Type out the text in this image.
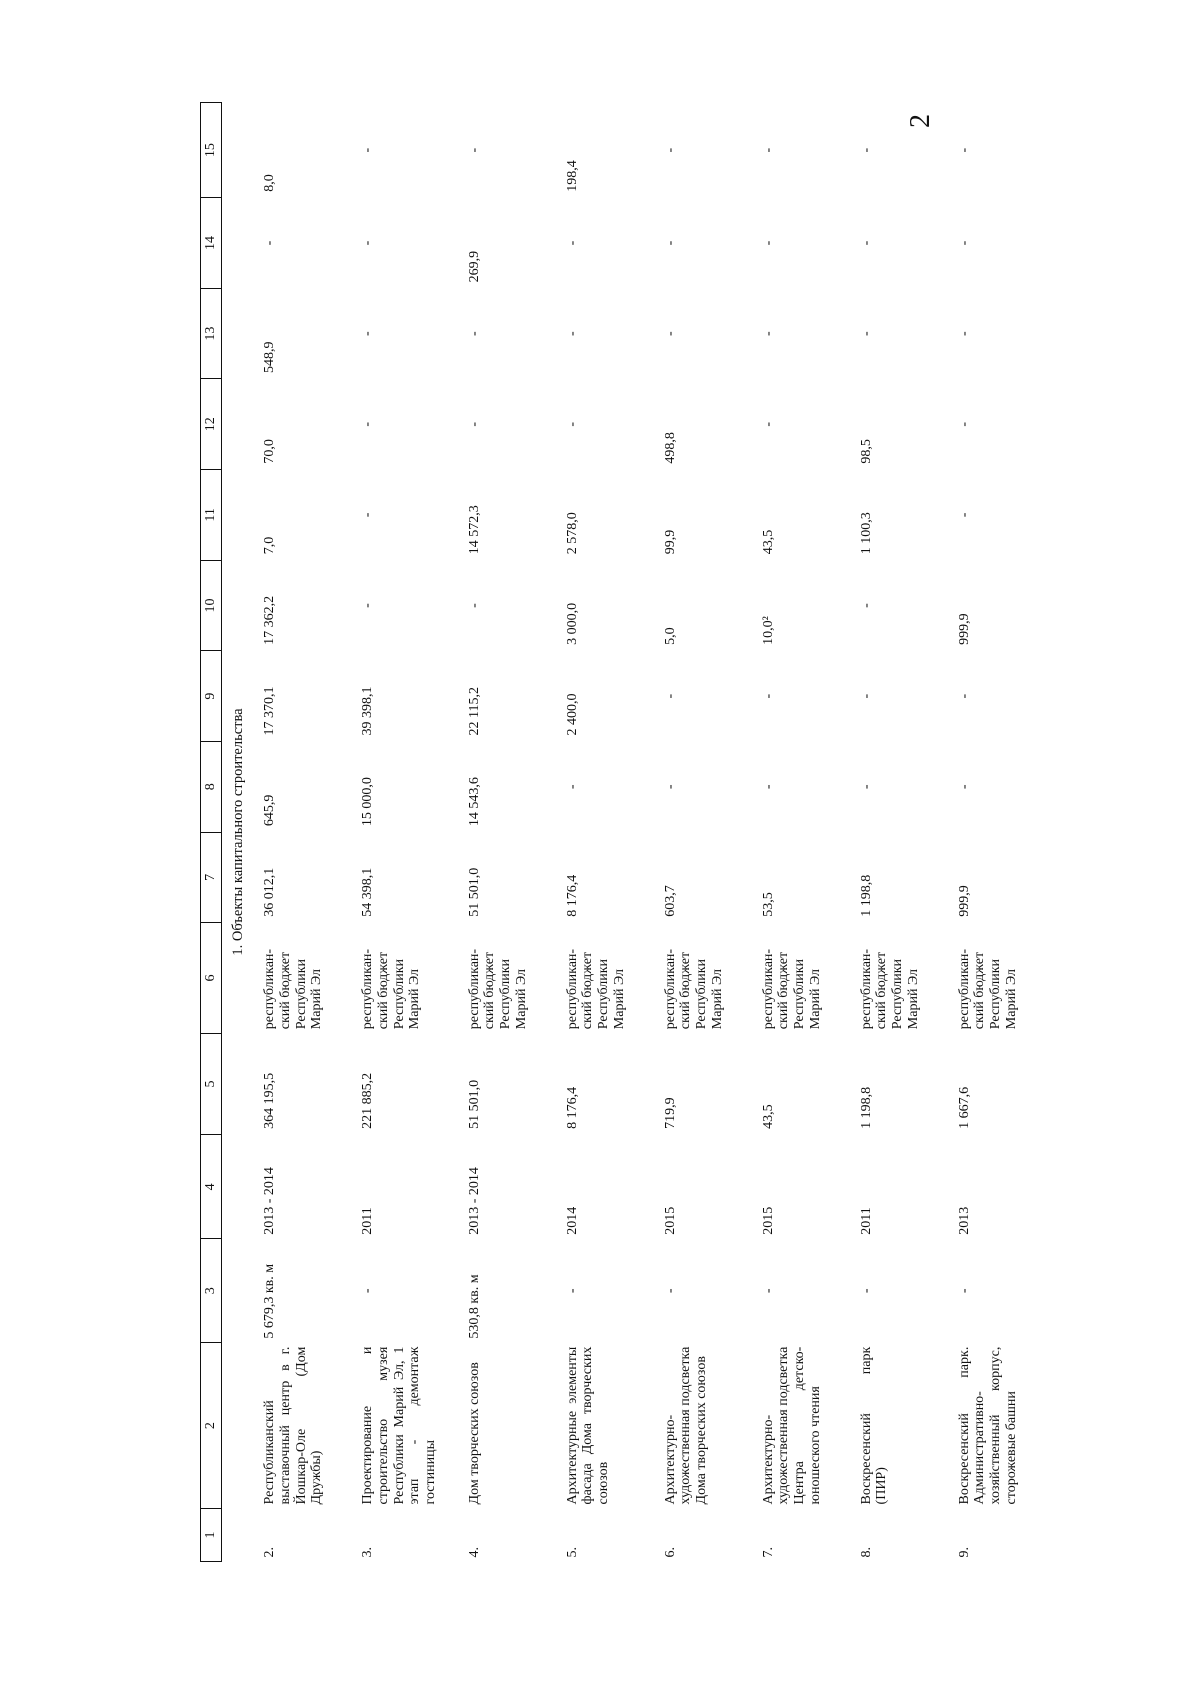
2
1	2	3	4	5	6	7	8	9	10	11	12	13	14	15
1. Объекты капитального строительства														
2.	Республиканский выставочный центр в г. Йошкар-Оле (Дом Дружбы)	5 679,3 кв. м	2013 - 2014	364 195,5	республикан-ский бюджет Республики Марий Эл	36 012,1	645,9	17 370,1	17 362,2	7,0	70,0	548,9	-	8,0
3.	Проектирование и строительство музея Республики Марий Эл, 1 этап - демонтаж гостиницы	-	2011	221 885,2	республикан-ский бюджет Республики Марий Эл	54 398,1	15 000,0	39 398,1	-	-	-	-	-	-
4.	Дом творческих союзов	530,8 кв. м	2013 - 2014	51 501,0	республикан-ский бюджет Республики Марий Эл	51 501,0	14 543,6	22 115,2	-	14 572,3	-	-	269,9	-
5.	Архитектурные элементы фасада Дома творческих союзов	-	2014	8 176,4	республикан-ский бюджет Республики Марий Эл	8 176,4	-	2 400,0	3 000,0	2 578,0	-	-	-	198,4
6.	Архитектурно-художественная подсветка Дома творческих союзов	-	2015	719,9	республикан-ский бюджет Республики Марий Эл	603,7	-	-	5,0	99,9	498,8	-	-	-
7.	Архитектурно-художественная подсветка Центра детско-юношеского чтения	-	2015	43,5	республикан-ский бюджет Республики Марий Эл	53,5	-	-	10,0²	43,5	-	-	-	-
8.	Воскресенский парк (ПИР)	-	2011	1 198,8	республикан-ский бюджет Республики Марий Эл	1 198,8	-	-	-	1 100,3	98,5	-	-	-
9.	Воскресенский парк. Административно-хозяйственный корпус, сторожевые башни	-	2013	1 667,6	республикан-ский бюджет Республики Марий Эл	999,9	-	-	999,9	-	-	-	-	-
